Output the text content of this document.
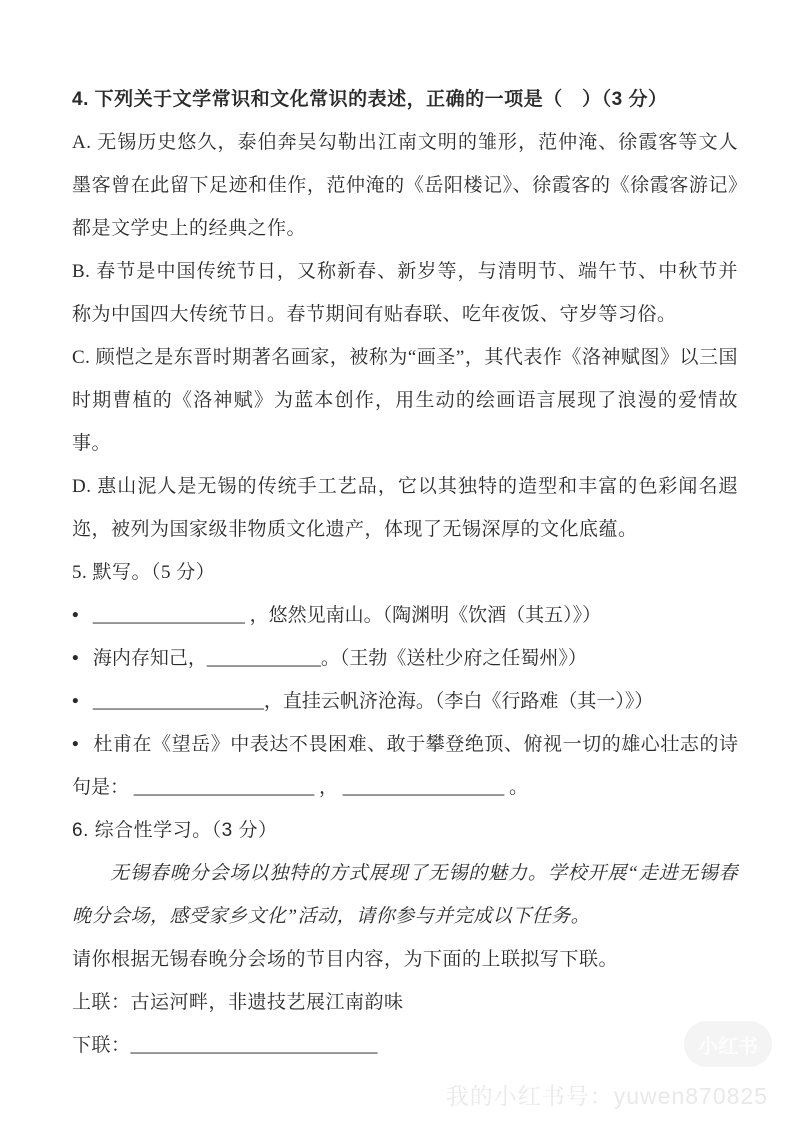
4. 下列关于文学常识和文化常识的表述，正确的一项是（　）（3 分）

A. 无锡历史悠久，泰伯奔吴勾勒出江南文明的雏形，范仲淹、徐霞客等文人墨客曾在此留下足迹和佳作，范仲淹的《岳阳楼记》、徐霞客的《徐霞客游记》都是文学史上的经典之作。

B. 春节是中国传统节日，又称新春、新岁等，与清明节、端午节、中秋节并称为中国四大传统节日。春节期间有贴春联、吃年夜饭、守岁等习俗。

C. 顾恺之是东晋时期著名画家，被称为“画圣”，其代表作《洛神赋图》以三国时期曹植的《洛神赋》为蓝本创作，用生动的绘画语言展现了浪漫的爱情故事。

D. 惠山泥人是无锡的传统手工艺品，它以其独特的造型和丰富的色彩闻名遐迩，被列为国家级非物质文化遗产，体现了无锡深厚的文化底蕴。

5. 默写。（5 分）

• ________________ ，悠然见南山。（陶渊明《饮酒（其五）》）

• 海内存知己，____________。（王勃《送杜少府之任蜀州》）

• __________________，直挂云帆济沧海。（李白《行路难（其一）》）

• 杜甫在《望岳》中表达不畏困难、敢于攀登绝顶、俯视一切的雄心壮志的诗句是： ___________________ ， _________________ 。

6. 综合性学习。（3 分）

无锡春晚分会场以独特的方式展现了无锡的魅力。学校开展“走进无锡春晚分会场，感受家乡文化”活动，请你参与并完成以下任务。

请你根据无锡春晚分会场的节目内容，为下面的上联拟写下联。

上联：古运河畔，非遗技艺展江南韵味

下联：__________________________	小红书
我的小红书号：yuwen870825
